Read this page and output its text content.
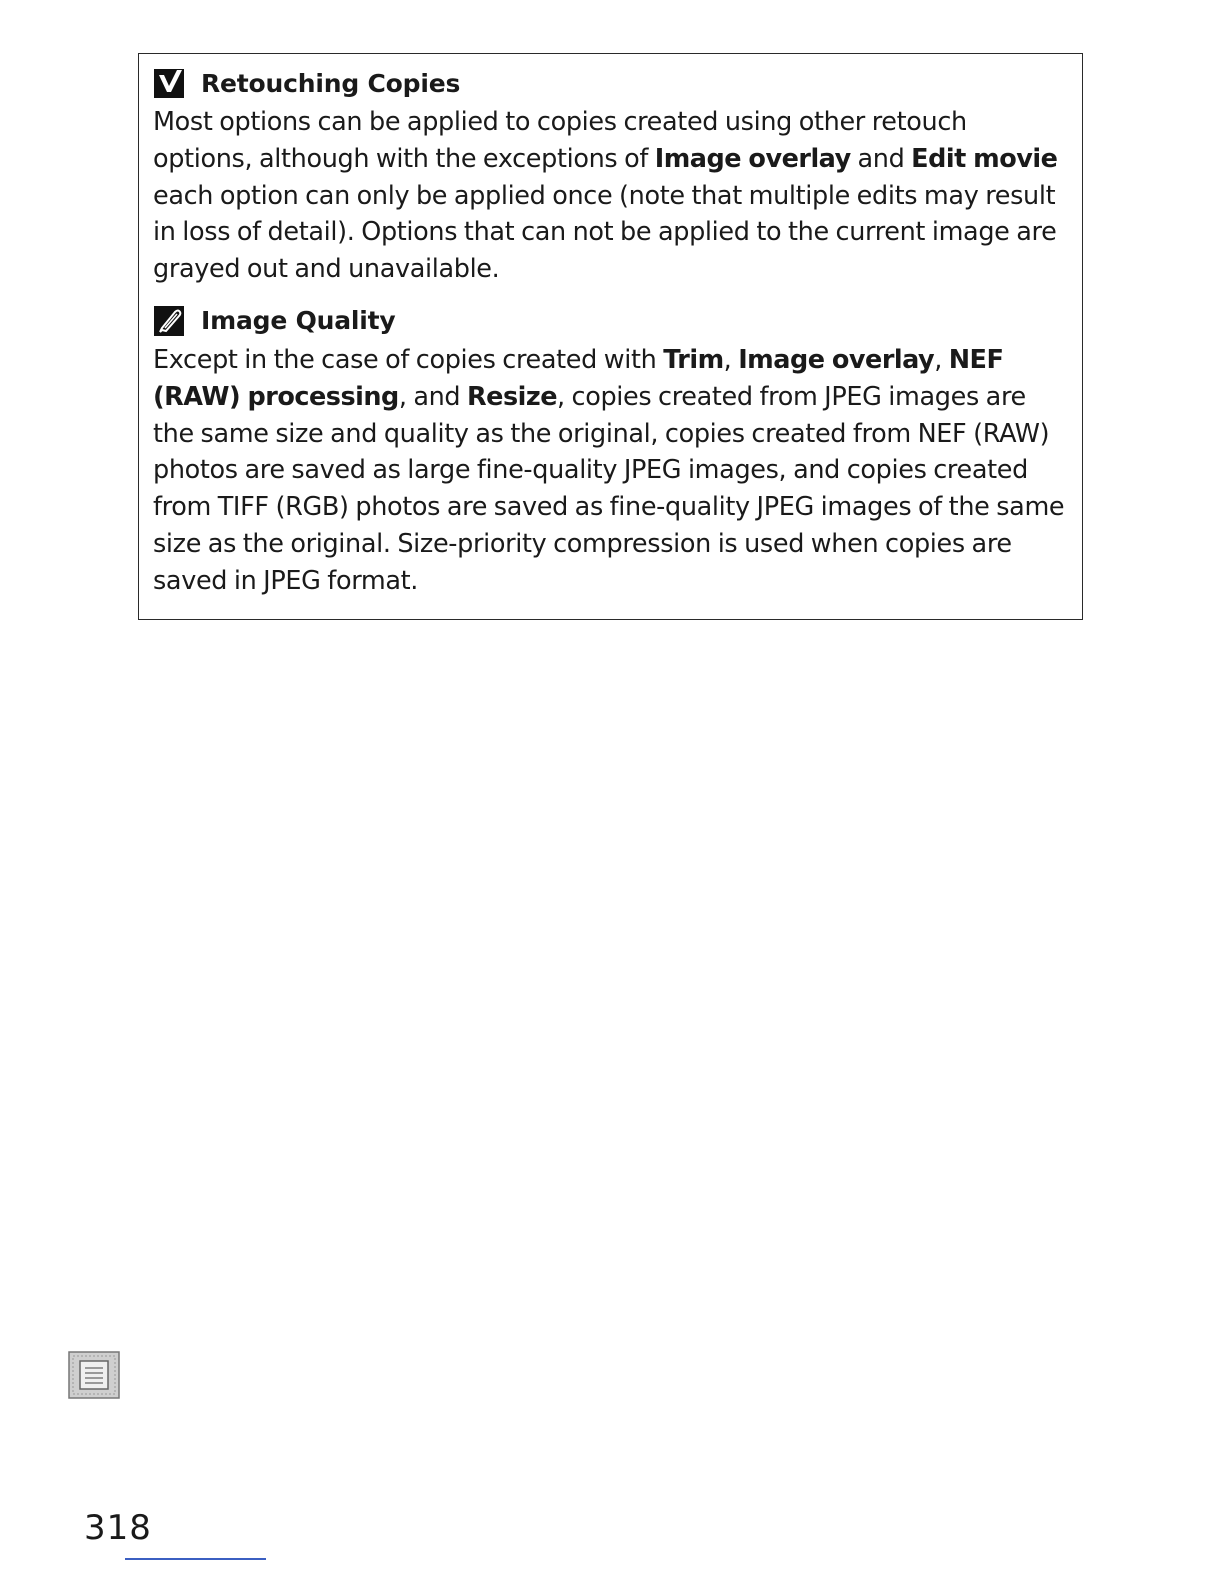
Retouching Copies

Most options can be applied to copies created using other retouch options, although with the exceptions of Image overlay and Edit movie each option can only be applied once (note that multiple edits may result in loss of detail). Options that can not be applied to the current image are grayed out and unavailable.

Image Quality

Except in the case of copies created with Trim, Image overlay, NEF (RAW) processing, and Resize, copies created from JPEG images are the same size and quality as the original, copies created from NEF (RAW) photos are saved as large fine-quality JPEG images, and copies created from TIFF (RGB) photos are saved as fine-quality JPEG images of the same size as the original. Size-priority compression is used when copies are saved in JPEG format.

318
